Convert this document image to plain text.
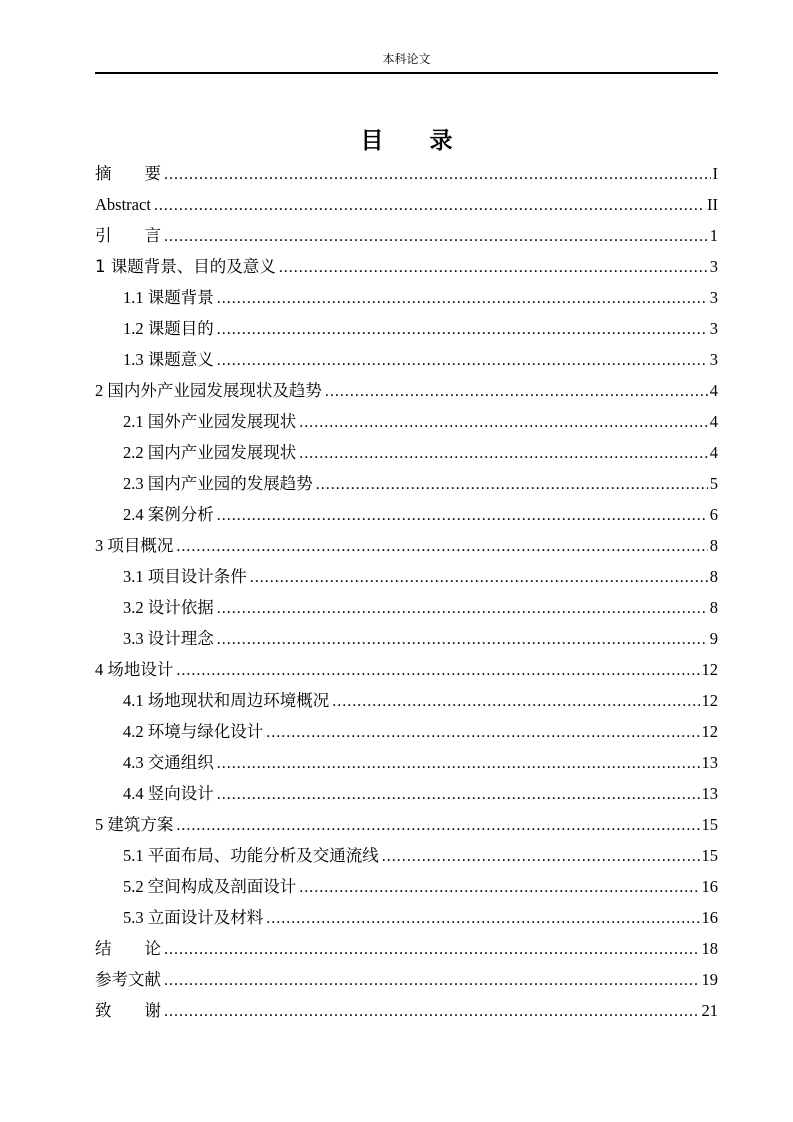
本科论文
目　　录
摘　　要 .....	I
Abstract .....	II
引　　言 .....	1
1 课题背景、目的及意义 .....	3
1.1 课题背景 .....	3
1.2 课题目的 .....	3
1.3 课题意义 .....	3
2 国内外产业园发展现状及趋势 .....	4
2.1 国外产业园发展现状 .....	4
2.2 国内产业园发展现状 .....	4
2.3 国内产业园的发展趋势 .....	5
2.4 案例分析 .....	6
3 项目概况 .....	8
3.1 项目设计条件 .....	8
3.2 设计依据 .....	8
3.3 设计理念 .....	9
4 场地设计 .....	12
4.1 场地现状和周边环境概况 .....	12
4.2 环境与绿化设计 .....	12
4.3 交通组织 .....	13
4.4 竖向设计 .....	13
5 建筑方案 .....	15
5.1 平面布局、功能分析及交通流线 .....	15
5.2 空间构成及剖面设计 .....	16
5.3 立面设计及材料 .....	16
结　　论 .....	18
参考文献 .....	19
致　　谢 .....	21
